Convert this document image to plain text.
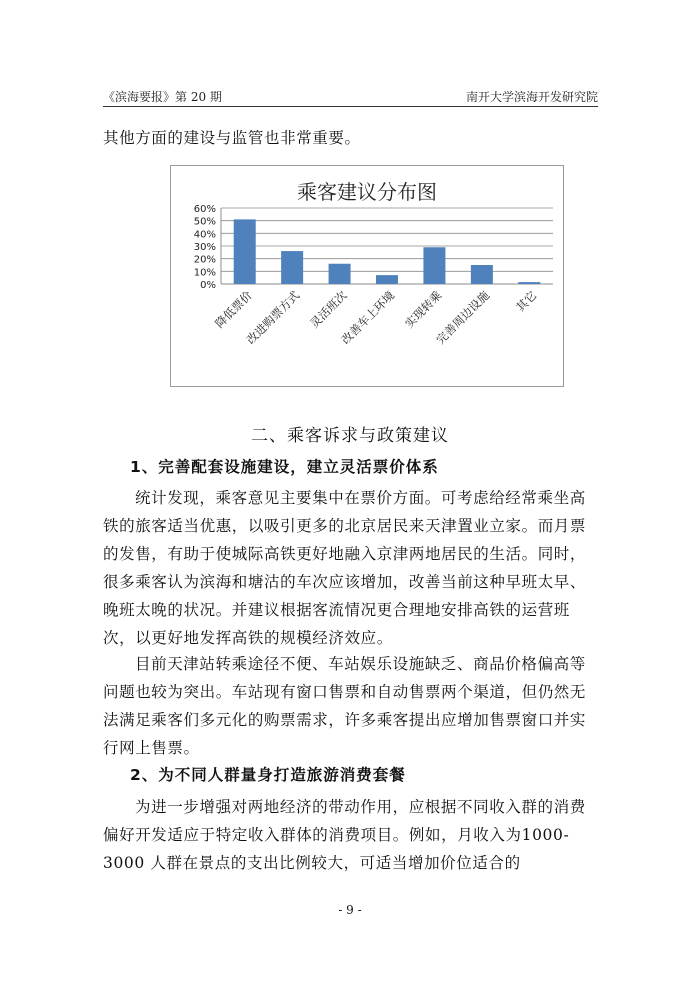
《滨海要报》第 20 期	南开大学滨海开发研究院
其他方面的建设与监管也非常重要。
乘客建议分布图
0%
10%
20%
30%
40%
50%
60%
降低票价
改进购票方式 灵活班次
改善车上环境 实现转乘
完善周边设施 其它
二、乘客诉求与政策建议
1、完善配套设施建设，建立灵活票价体系
统计发现，乘客意见主要集中在票价方面。可考虑给经常乘坐高铁的旅客适当优惠，以吸引更多的北京居民来天津置业立家。而月票的发售，有助于使城际高铁更好地融入京津两地居民的生活。同时，很多乘客认为滨海和塘沽的车次应该增加，改善当前这种早班太早、晚班太晚的状况。并建议根据客流情况更合理地安排高铁的运营班次，以更好地发挥高铁的规模经济效应。
目前天津站转乘途径不便、车站娱乐设施缺乏、商品价格偏高等问题也较为突出。车站现有窗口售票和自动售票两个渠道，但仍然无法满足乘客们多元化的购票需求，许多乘客提出应增加售票窗口并实行网上售票。
2、为不同人群量身打造旅游消费套餐
为进一步增强对两地经济的带动作用，应根据不同收入群的消费偏好开发适应于特定收入群体的消费项目。例如，月收入为1000-3000 人群在景点的支出比例较大，可适当增加价位适合的
- 9 -
